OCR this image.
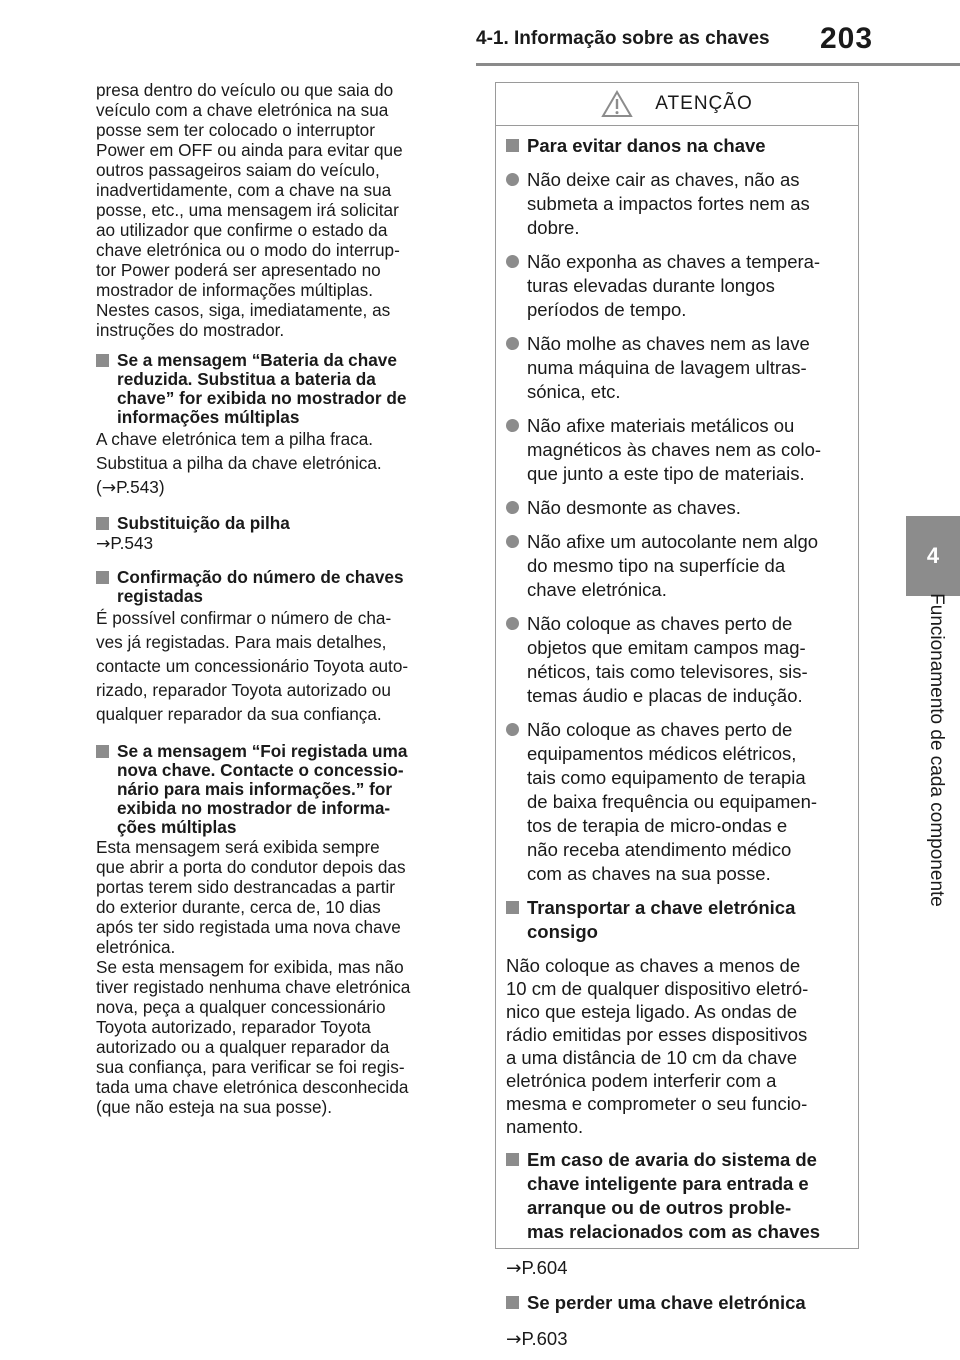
4-1. Informação sobre as chaves 203
4
Funcionamento de cada componente

presa dentro do veículo ou que saia do

veículo com a chave eletrónica na sua

posse sem ter colocado o interruptor

Power em OFF ou ainda para evitar que

outros passageiros saiam do veículo,

inadvertidamente, com a chave na sua

posse, etc., uma mensagem irá solicitar

ao utilizador que confirme o estado da

chave eletrónica ou o modo do interrup-

tor Power poderá ser apresentado no

mostrador de informações múltiplas.

Nestes casos, siga, imediatamente, as

instruções do mostrador.

Se a mensagem “Bateria da chave

reduzida. Substitua a bateria da

chave” for exibida no mostrador de

informações múltiplas

A chave eletrónica tem a pilha fraca.

Substitua a pilha da chave eletrónica.

(→P.543)

Substituição da pilha

→P.543

Confirmação do número de chaves

registadas

É possível confirmar o número de cha-

ves já registadas. Para mais detalhes,

contacte um concessionário Toyota auto-

rizado, reparador Toyota autorizado ou

qualquer reparador da sua confiança.

Se a mensagem “Foi registada uma

nova chave. Contacte o concessio-

nário para mais informações.” for

exibida no mostrador de informa-

ções múltiplas

Esta mensagem será exibida sempre

que abrir a porta do condutor depois das

portas terem sido destrancadas a partir

do exterior durante, cerca de, 10 dias

após ter sido registada uma nova chave

eletrónica.

Se esta mensagem for exibida, mas não

tiver registado nenhuma chave eletrónica

nova, peça a qualquer concessionário

Toyota autorizado, reparador Toyota

autorizado ou a qualquer reparador da

sua confiança, para verificar se foi regis-

tada uma chave eletrónica desconhecida

(que não esteja na sua posse).

ATENÇÃO

Para evitar danos na chave

Não deixe cair as chaves, não as
submeta a impactos fortes nem as
dobre.
Não exponha as chaves a tempera-
turas elevadas durante longos
períodos de tempo.
Não molhe as chaves nem as lave
numa máquina de lavagem ultras-
sónica, etc.
Não afixe materiais metálicos ou
magnéticos às chaves nem as colo-
que junto a este tipo de materiais.
Não desmonte as chaves.
Não afixe um autocolante nem algo
do mesmo tipo na superfície da
chave eletrónica.
Não coloque as chaves perto de
objetos que emitam campos mag-
néticos, tais como televisores, sis-
temas áudio e placas de indução.
Não coloque as chaves perto de
equipamentos médicos elétricos,
tais como equipamento de terapia
de baixa frequência ou equipamen-
tos de terapia de micro-ondas e
não receba atendimento médico
com as chaves na sua posse.
Transportar a chave eletrónica
consigo
Não coloque as chaves a menos de
10 cm de qualquer dispositivo eletró-
nico que esteja ligado. As ondas de
rádio emitidas por esses dispositivos
a uma distância de 10 cm da chave
eletrónica podem interferir com a
mesma e comprometer o seu funcio-
namento.
Em caso de avaria do sistema de
chave inteligente para entrada e
arranque ou de outros proble-
mas relacionados com as chaves
→P.604
Se perder uma chave eletrónica
→P.603
